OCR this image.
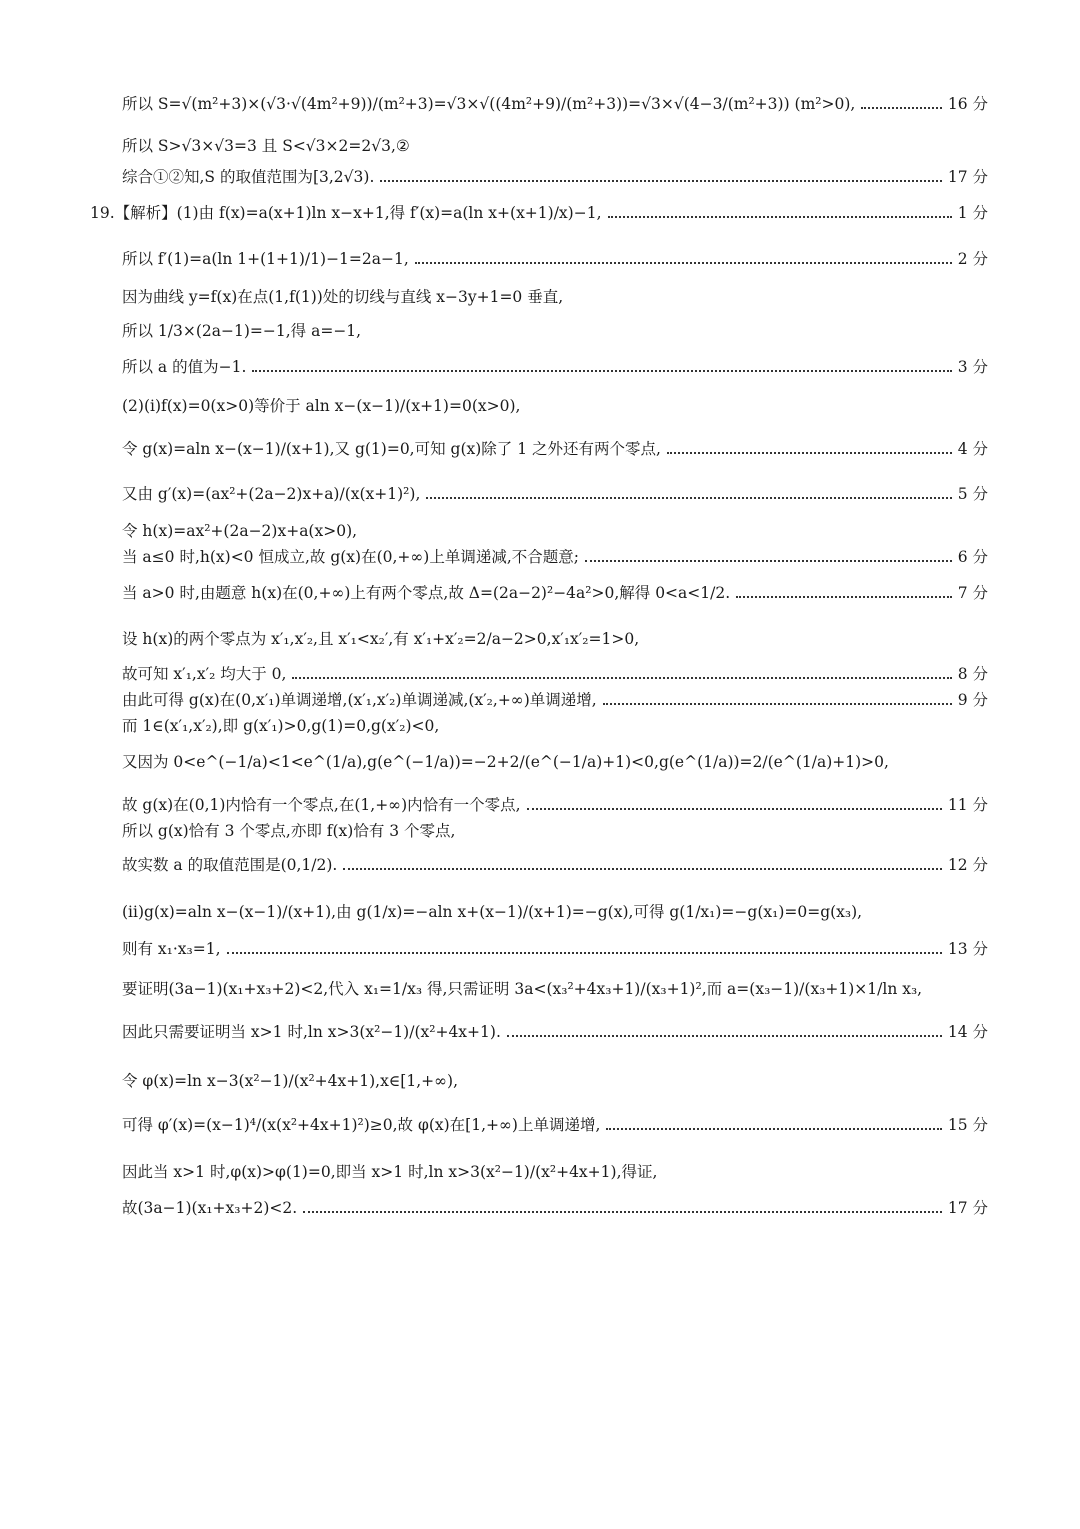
所以 S=√(m²+3)×(√3·√(4m²+9))/(m²+3)=√3×√((4m²+9)/(m²+3))=√3×√(4−3/(m²+3)) (m²>0),	16 分
所以 S>√3×√3=3 且 S<√3×2=2√3,②
综合①②知,S 的取值范围为[3,2√3).	17 分
19.【解析】(1)由 f(x)=a(x+1)ln x−x+1,得 f′(x)=a(ln x+(x+1)/x)−1,	1 分
所以 f′(1)=a(ln 1+(1+1)/1)−1=2a−1,	2 分
因为曲线 y=f(x)在点(1,f(1))处的切线与直线 x−3y+1=0 垂直,
所以 1/3×(2a−1)=−1,得 a=−1,
所以 a 的值为−1.	3 分
(2)(ⅰ)f(x)=0(x>0)等价于 aln x−(x−1)/(x+1)=0(x>0),
令 g(x)=aln x−(x−1)/(x+1),又 g(1)=0,可知 g(x)除了 1 之外还有两个零点,	4 分
又由 g′(x)=(ax²+(2a−2)x+a)/(x(x+1)²),	5 分
令 h(x)=ax²+(2a−2)x+a(x>0),
当 a≤0 时,h(x)<0 恒成立,故 g(x)在(0,+∞)上单调递减,不合题意;	6 分
当 a>0 时,由题意 h(x)在(0,+∞)上有两个零点,故 Δ=(2a−2)²−4a²>0,解得 0<a<1/2.	7 分
设 h(x)的两个零点为 x′₁,x′₂,且 x′₁<x₂′,有 x′₁+x′₂=2/a−2>0,x′₁x′₂=1>0,
故可知 x′₁,x′₂ 均大于 0,	8 分
由此可得 g(x)在(0,x′₁)单调递增,(x′₁,x′₂)单调递减,(x′₂,+∞)单调递增,	9 分
而 1∈(x′₁,x′₂),即 g(x′₁)>0,g(1)=0,g(x′₂)<0,
又因为 0<e^(−1/a)<1<e^(1/a),g(e^(−1/a))=−2+2/(e^(−1/a)+1)<0,g(e^(1/a))=2/(e^(1/a)+1)>0,
故 g(x)在(0,1)内恰有一个零点,在(1,+∞)内恰有一个零点,	11 分
所以 g(x)恰有 3 个零点,亦即 f(x)恰有 3 个零点,
故实数 a 的取值范围是(0,1/2).	12 分
(ⅱ)g(x)=aln x−(x−1)/(x+1),由 g(1/x)=−aln x+(x−1)/(x+1)=−g(x),可得 g(1/x₁)=−g(x₁)=0=g(x₃),
则有 x₁·x₃=1,	13 分
要证明(3a−1)(x₁+x₃+2)<2,代入 x₁=1/x₃ 得,只需证明 3a<(x₃²+4x₃+1)/(x₃+1)²,而 a=(x₃−1)/(x₃+1)×1/ln x₃,
因此只需要证明当 x>1 时,ln x>3(x²−1)/(x²+4x+1).	14 分
令 φ(x)=ln x−3(x²−1)/(x²+4x+1),x∈[1,+∞),
可得 φ′(x)=(x−1)⁴/(x(x²+4x+1)²)≥0,故 φ(x)在[1,+∞)上单调递增,	15 分
因此当 x>1 时,φ(x)>φ(1)=0,即当 x>1 时,ln x>3(x²−1)/(x²+4x+1),得证,
故(3a−1)(x₁+x₃+2)<2.	17 分
